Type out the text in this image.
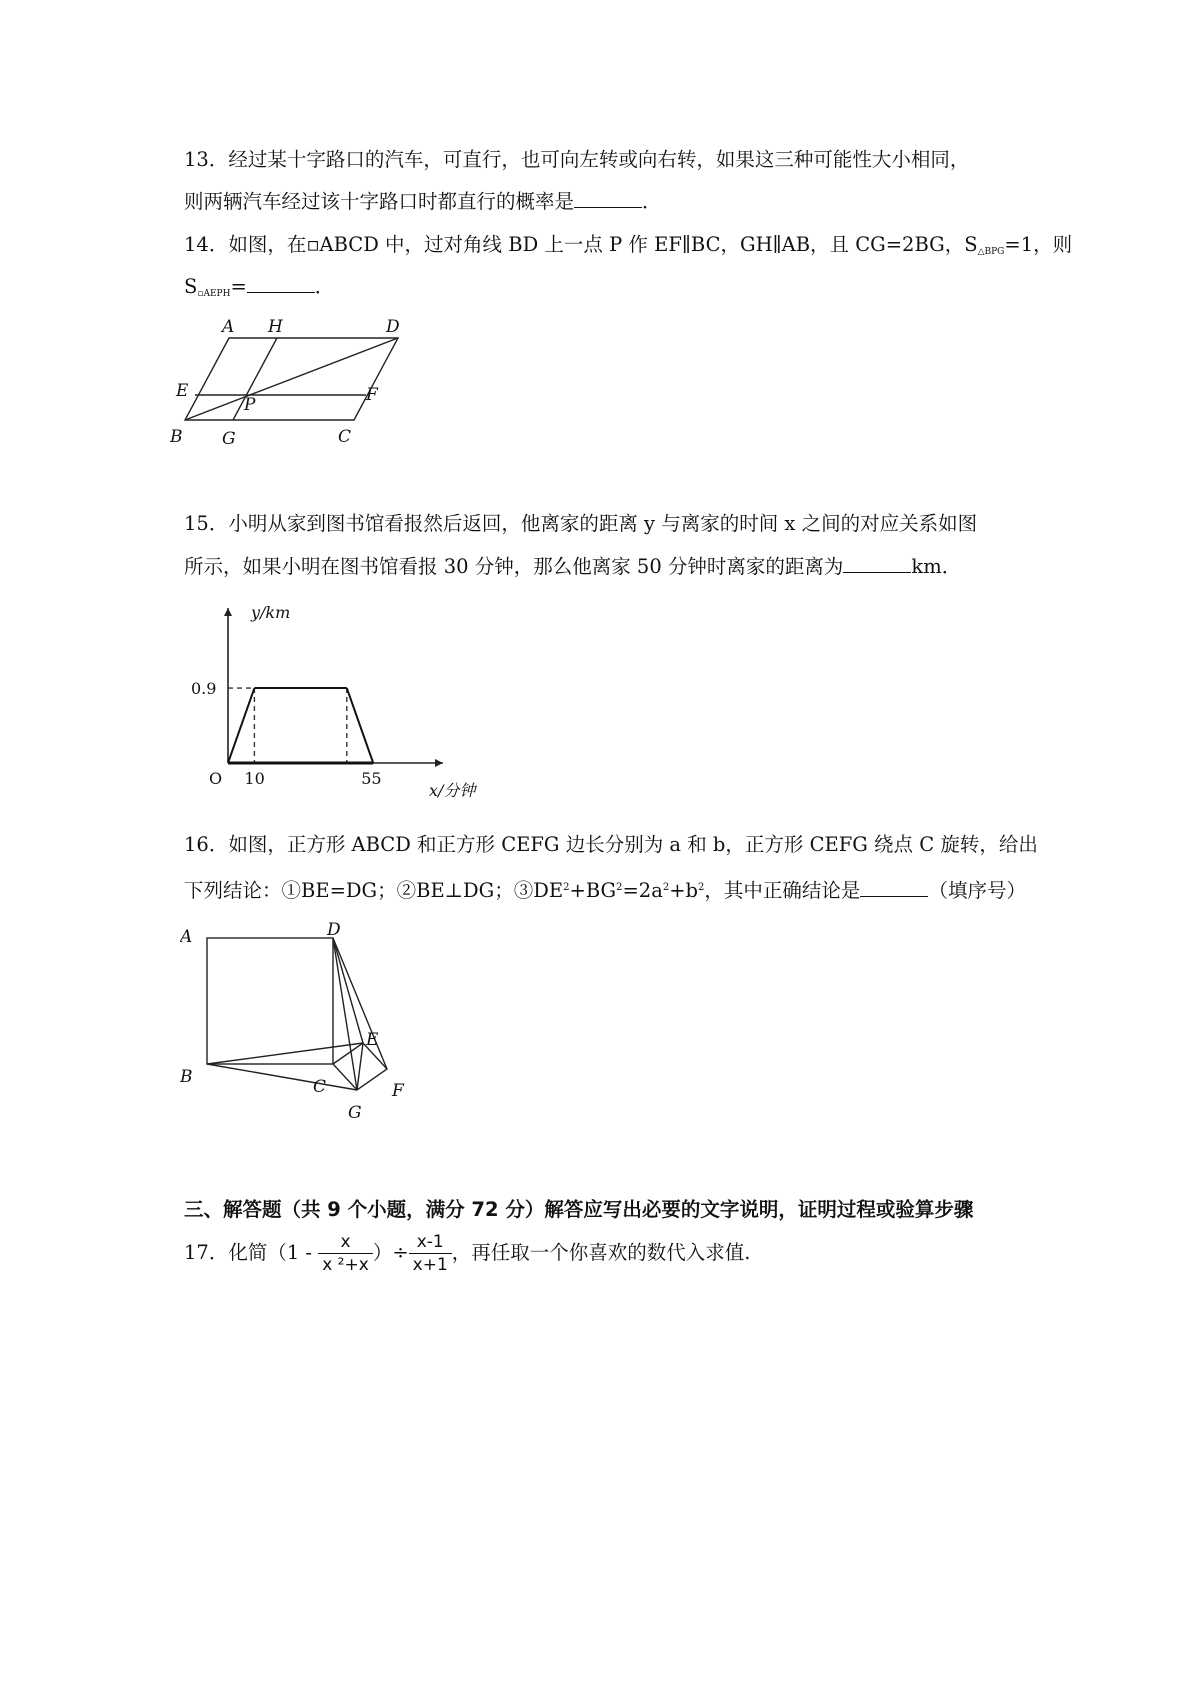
13．经过某十字路口的汽车，可直行，也可向左转或向右转，如果这三种可能性大小相同，
则两辆汽车经过该十字路口时都直行的概率是	．
14．如图，在▫ABCD 中，过对角线 BD 上一点 P 作 EF∥BC，GH∥AB，且 CG=2BG，$S_{\triangle BPG}=1$，则
$S_{▫AEPH}=$	．
A H	D
E	F
P
B G	C
15．小明从家到图书馆看报然后返回，他离家的距离 y 与离家的时间 x 之间的对应关系如图
所示，如果小明在图书馆看报 30 分钟，那么他离家 50 分钟时离家的距离为	km．
y/km
x/分钟
O 10	55
0.9
16．如图，正方形 ABCD 和正方形 CEFG 边长分别为 a 和 b，正方形 CEFG 绕点 C 旋转，给出
下列结论：①BE=DG；②BE⊥DG；$③DE^2+BG^2=2a^2+b^2$，其中正确结论是	（填序号）
A	D
E
B	C	F
G
三、解答题（共 9 个小题，满分 72 分）解答应写出必要的文字说明，证明过程或验算步骤
17．化简（$1 - \frac{x}{\text{x ²+x}}$ ）÷ $\frac{x-1}{x+1}$ ，再任取一个你喜欢的数代入求值.
